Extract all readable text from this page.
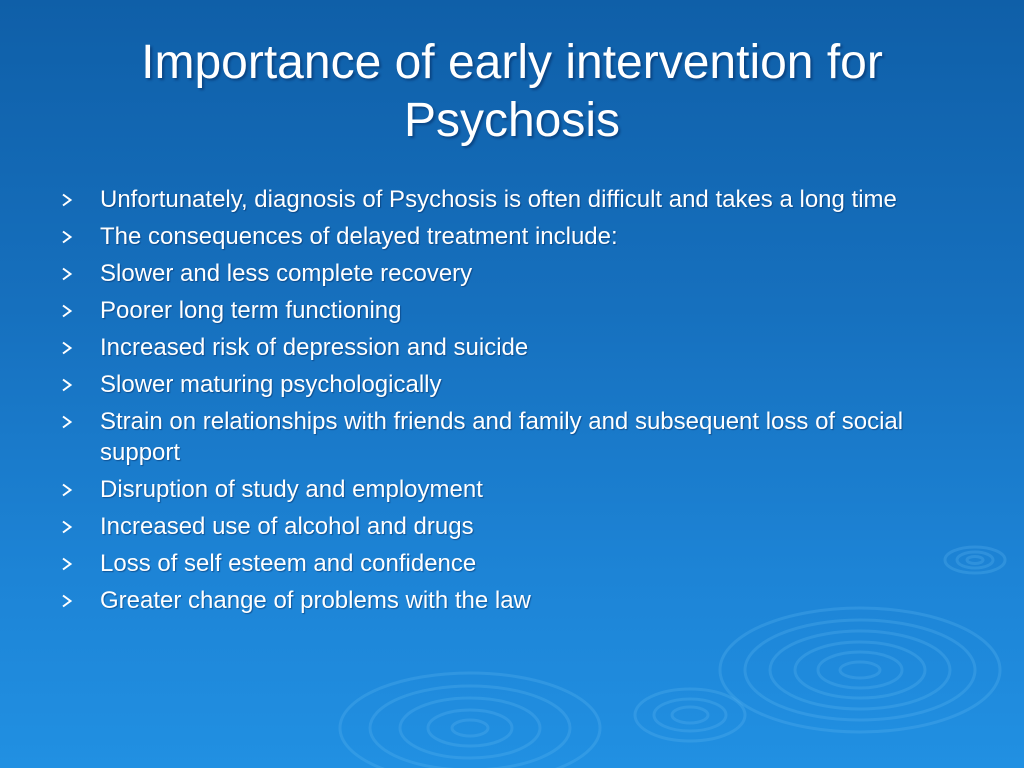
Importance of early intervention for Psychosis
Unfortunately, diagnosis of Psychosis is often difficult and takes a long time
The consequences of delayed treatment include:
Slower and less complete recovery
Poorer long term functioning
Increased risk of depression and suicide
Slower maturing psychologically
Strain on relationships with friends and family and subsequent loss of social support
Disruption of study and employment
Increased use of alcohol and drugs
Loss of self esteem and confidence
Greater change of problems with the law
